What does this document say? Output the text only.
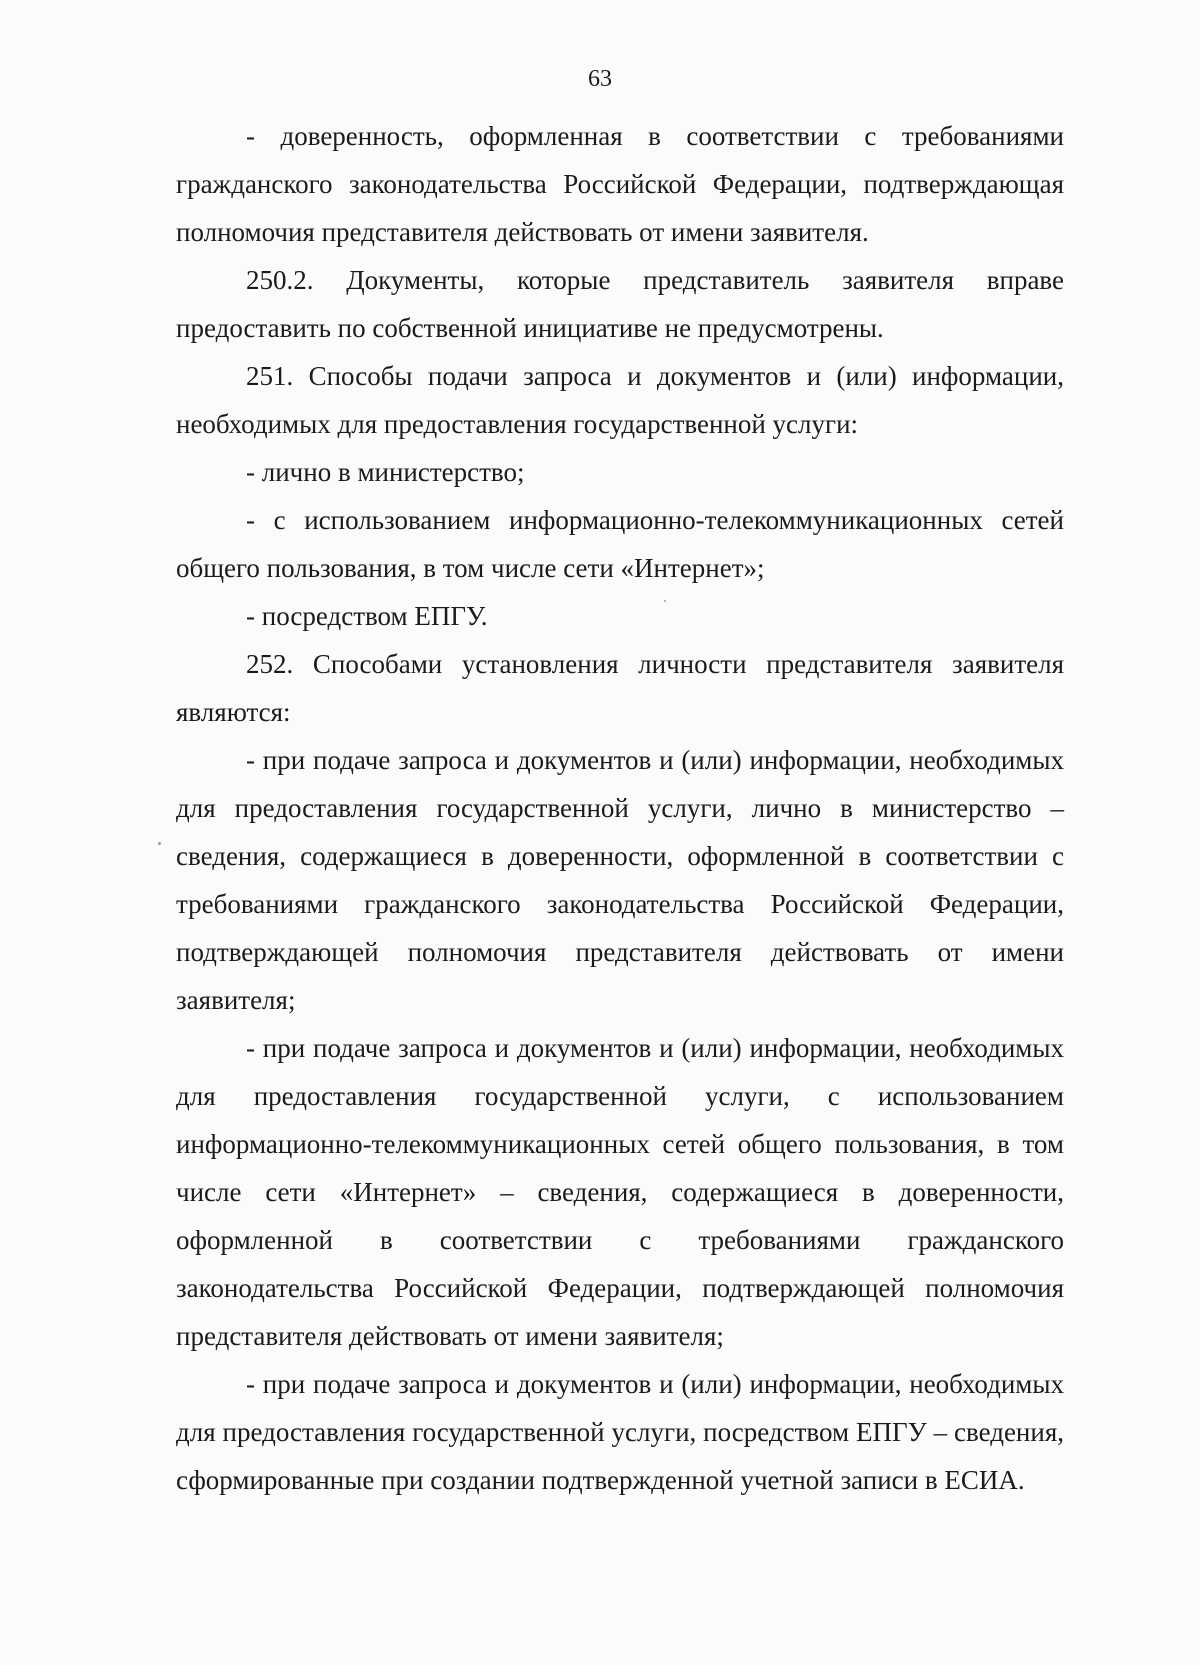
63

- доверенность, оформленная в соответствии с требованиями гражданского законодательства Российской Федерации, подтверждающая полномочия представителя действовать от имени заявителя.

250.2. Документы, которые представитель заявителя вправе предоставить по собственной инициативе не предусмотрены.

251. Способы подачи запроса и документов и (или) информации, необходимых для предоставления государственной услуги:

- лично в министерство;

- с использованием информационно-телекоммуникационных сетей общего пользования, в том числе сети «Интернет»;

- посредством ЕПГУ.

252. Способами установления личности представителя заявителя являются:

- при подаче запроса и документов и (или) информации, необходимых для предоставления государственной услуги, лично в министерство – сведения, содержащиеся в доверенности, оформленной в соответствии с требованиями гражданского законодательства Российской Федерации, подтверждающей полномочия представителя действовать от имени заявителя;

- при подаче запроса и документов и (или) информации, необходимых для предоставления государственной услуги, с использованием информационно-телекоммуникационных сетей общего пользования, в том числе сети «Интернет» – сведения, содержащиеся в доверенности, оформленной в соответствии с требованиями гражданского законодательства Российской Федерации, подтверждающей полномочия представителя действовать от имени заявителя;

- при подаче запроса и документов и (или) информации, необходимых для предоставления государственной услуги, посредством ЕПГУ – сведения, сформированные при создании подтвержденной учетной записи в ЕСИА.
